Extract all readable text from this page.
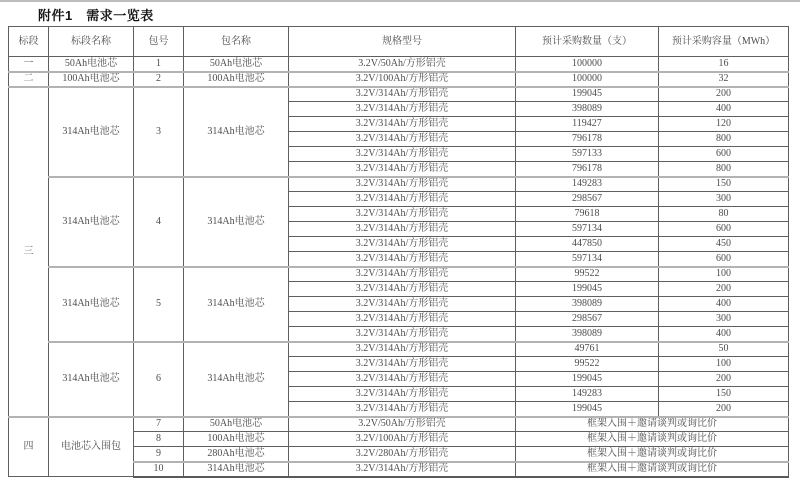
附件1　需求一览表
标段	标段名称	包号	包名称	规格型号	预计采购数量（支）	预计采购容量（MWh）
一	50Ah电池芯	1	50Ah电池芯	3.2V/50Ah/方形铝壳	100000	16
二	100Ah电池芯	2	100Ah电池芯	3.2V/100Ah/方形铝壳	100000	32
三	314Ah电池芯	3	314Ah电池芯	3.2V/314Ah/方形铝壳	199045	200
				3.2V/314Ah/方形铝壳	398089	400
				3.2V/314Ah/方形铝壳	119427	120
				3.2V/314Ah/方形铝壳	796178	800
				3.2V/314Ah/方形铝壳	597133	600
				3.2V/314Ah/方形铝壳	796178	800
	314Ah电池芯	4	314Ah电池芯	3.2V/314Ah/方形铝壳	149283	150
				3.2V/314Ah/方形铝壳	298567	300
				3.2V/314Ah/方形铝壳	79618	80
				3.2V/314Ah/方形铝壳	597134	600
				3.2V/314Ah/方形铝壳	447850	450
				3.2V/314Ah/方形铝壳	597134	600
	314Ah电池芯	5	314Ah电池芯	3.2V/314Ah/方形铝壳	99522	100
				3.2V/314Ah/方形铝壳	199045	200
				3.2V/314Ah/方形铝壳	398089	400
				3.2V/314Ah/方形铝壳	298567	300
				3.2V/314Ah/方形铝壳	398089	400
	314Ah电池芯	6	314Ah电池芯	3.2V/314Ah/方形铝壳	49761	50
				3.2V/314Ah/方形铝壳	99522	100
				3.2V/314Ah/方形铝壳	199045	200
				3.2V/314Ah/方形铝壳	149283	150
				3.2V/314Ah/方形铝壳	199045	200
四	电池芯入围包	7	50Ah电池芯	3.2V/50Ah/方形铝壳	框架入围＋邀请谈判或询比价	
		8	100Ah电池芯	3.2V/100Ah/方形铝壳	框架入围＋邀请谈判或询比价	
		9	280Ah电池芯	3.2V/280Ah/方形铝壳	框架入围＋邀请谈判或询比价	
		10	314Ah电池芯	3.2V/314Ah/方形铝壳	框架入围＋邀请谈判或询比价	
